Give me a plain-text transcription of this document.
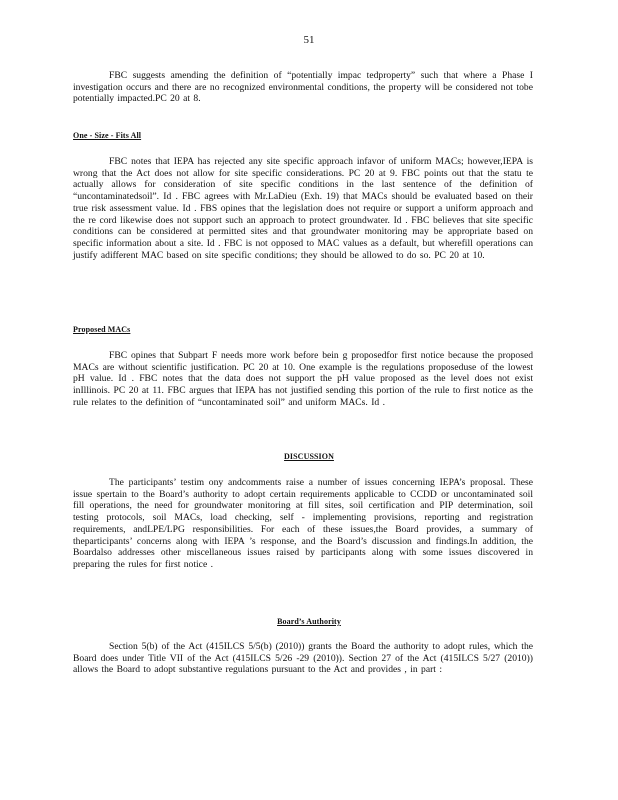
51

FBC suggests amending the definition of “potentially impac tedproperty” such that where a Phase I investigation occurs and there are no recognized environmental conditions, the property will be considered not tobe potentially impacted.PC 20 at 8.

One - Size - Fits All

FBC notes that IEPA has rejected any site specific approach infavor of uniform MACs; however,IEPA is wrong that the Act does not allow for site specific considerations. PC 20 at 9. FBC points out that the statu te actually allows for consideration of site specific conditions in the last sentence of the definition of “uncontaminatedsoil”. Id . FBC agrees with Mr.LaDieu (Exh. 19) that MACs should be evaluated based on their true risk assessment value. Id . FBS opines that the legislation does not require or support a uniform approach and the re cord likewise does not support such an approach to protect groundwater. Id . FBC believes that site specific conditions can be considered at permitted sites and that groundwater monitoring may be appropriate based on specific information about a site. Id . FBC is not opposed to MAC values as a default, but wherefill operations can justify adifferent MAC based on site specific conditions; they should be allowed to do so. PC 20 at 10.

Proposed MACs

FBC opines that Subpart F needs more work before bein g proposedfor first notice because the proposed MACs are without scientific justification. PC 20 at 10. One example is the regulations proposeduse of the lowest pH value. Id . FBC notes that the data does not support the pH value proposed as the level does not exist inIllinois. PC 20 at 11. FBC argues that IEPA has not justified sending this portion of the rule to first notice as the rule relates to the definition of “uncontaminated soil” and uniform MACs. Id .

DISCUSSION

The participants’ testim ony andcomments raise a number of issues concerning IEPA’s proposal. These issue spertain to the Board’s authority to adopt certain requirements applicable to CCDD or uncontaminated soil fill operations, the need for groundwater monitoring at fill sites, soil certification and PIP determination, soil testing protocols, soil MACs, load checking, self - implementing provisions, reporting and registration requirements, andLPE/LPG responsibilities. For each of these issues,the Board provides, a summary of theparticipants’ concerns along with IEPA ’s response, and the Board’s discussion and findings.In addition, the Boardalso addresses other miscellaneous issues raised by participants along with some issues discovered in preparing the rules for first notice .

Board’s Authority

Section 5(b) of the Act (415ILCS 5/5(b) (2010)) grants the Board the authority to adopt rules, which the Board does under Title VII of the Act (415ILCS 5/26 -29 (2010)). Section 27 of the Act (415ILCS 5/27 (2010)) allows the Board to adopt substantive regulations pursuant to the Act and provides , in part :
